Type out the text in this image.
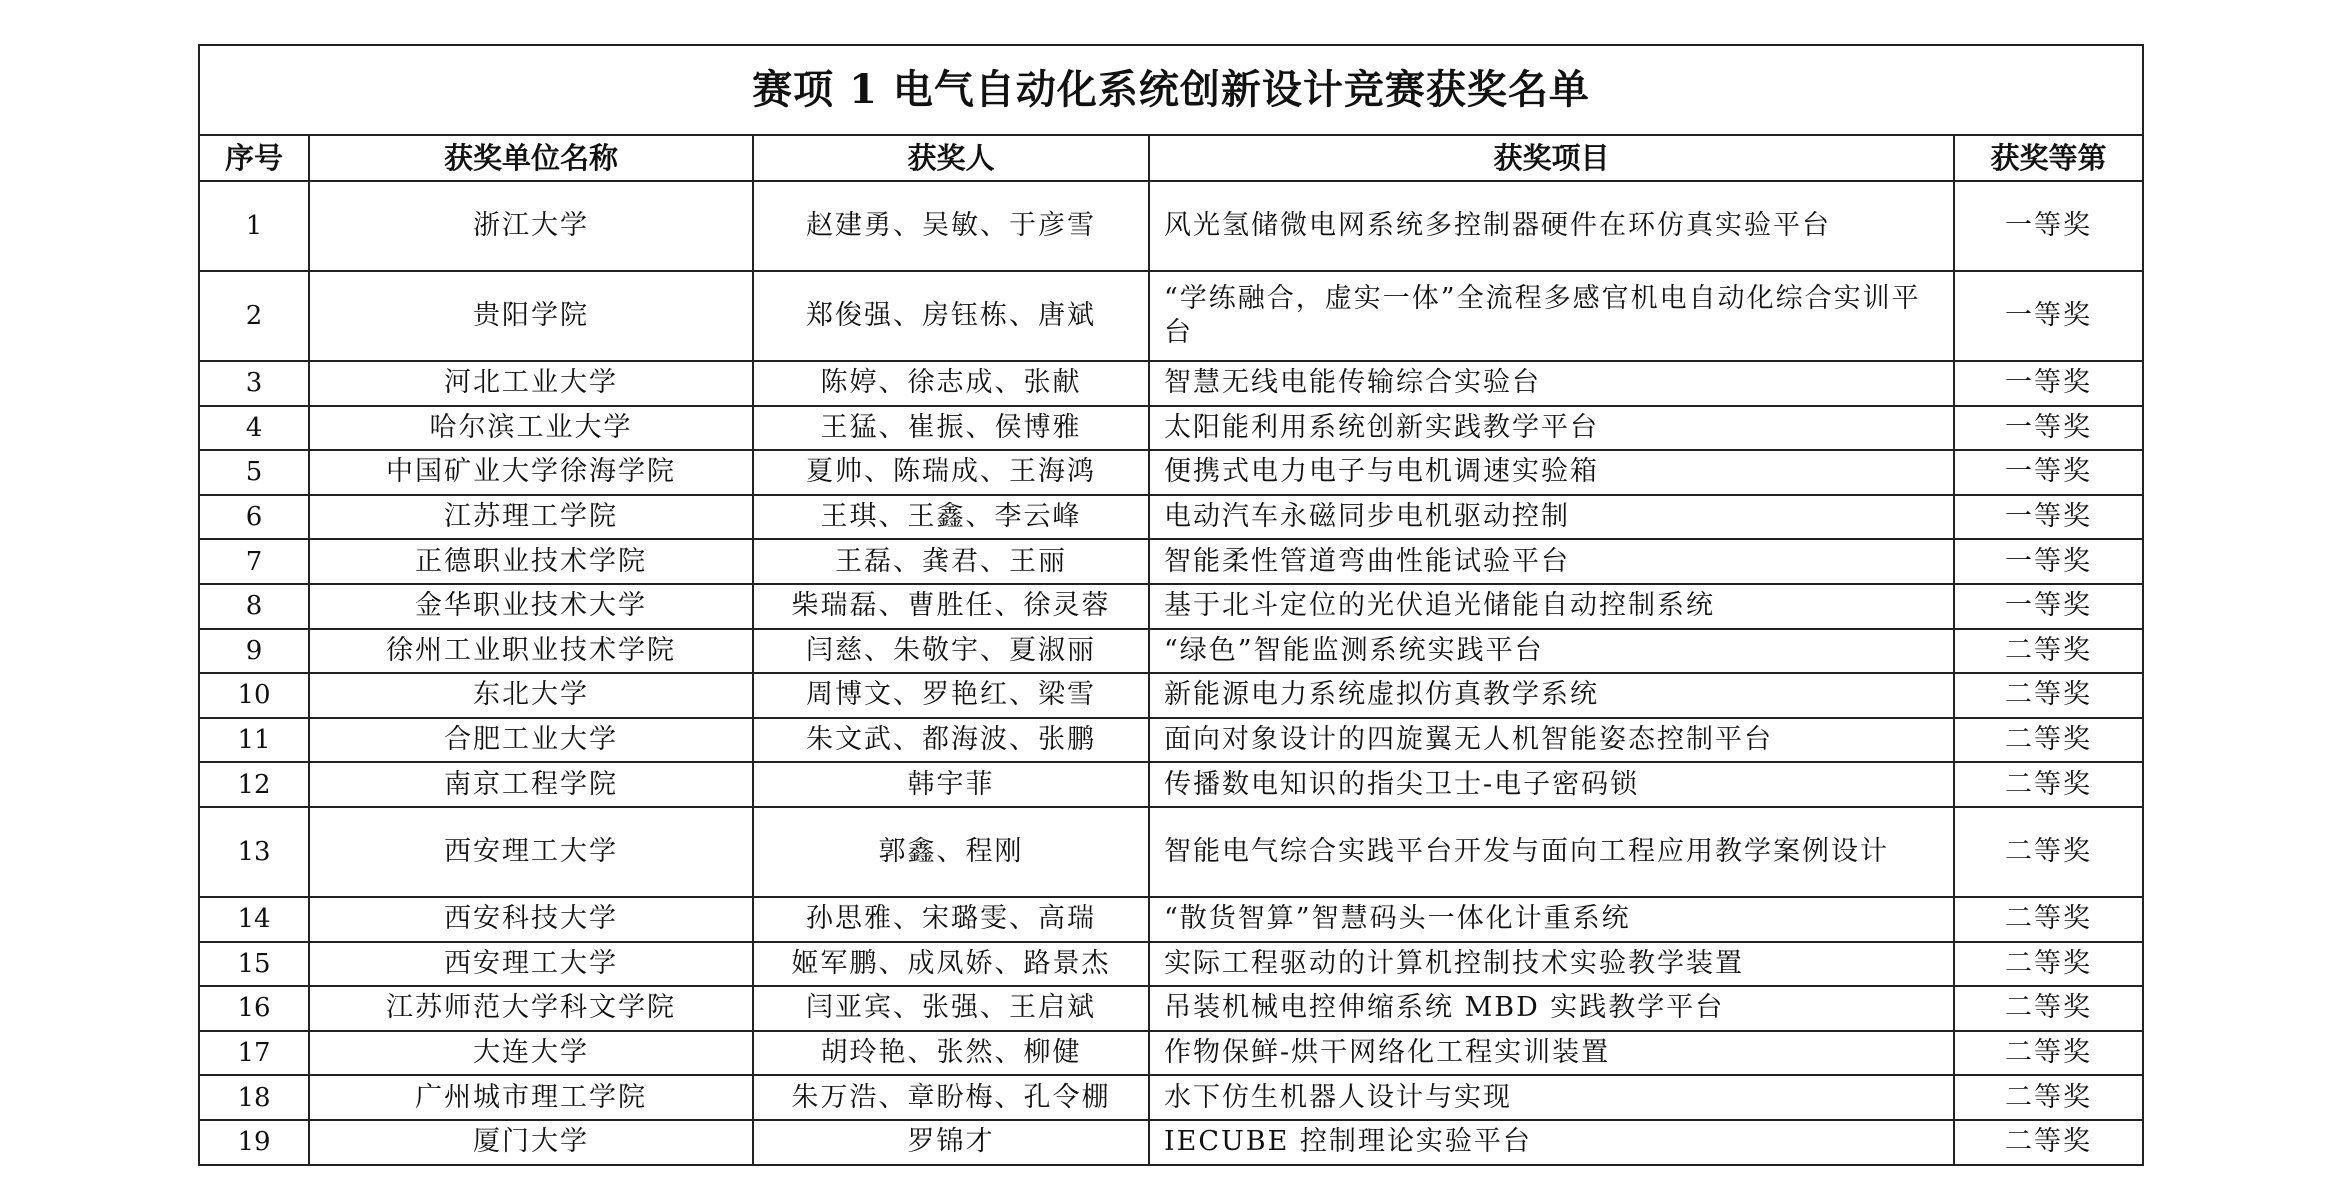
赛项 1 电气自动化系统创新设计竞赛获奖名单				
序号	获奖单位名称	获奖人	获奖项目	获奖等第
1	浙江大学	赵建勇、吴敏、于彦雪	风光氢储微电网系统多控制器硬件在环仿真实验平台	一等奖
2	贵阳学院	郑俊强、房钰栋、唐斌	“学练融合，虚实一体”全流程多感官机电自动化综合实训平台	一等奖
3	河北工业大学	陈婷、徐志成、张献	智慧无线电能传输综合实验台	一等奖
4	哈尔滨工业大学	王猛、崔振、侯博雅	太阳能利用系统创新实践教学平台	一等奖
5	中国矿业大学徐海学院	夏帅、陈瑞成、王海鸿	便携式电力电子与电机调速实验箱	一等奖
6	江苏理工学院	王琪、王鑫、李云峰	电动汽车永磁同步电机驱动控制	一等奖
7	正德职业技术学院	王磊、龚君、王丽	智能柔性管道弯曲性能试验平台	一等奖
8	金华职业技术大学	柴瑞磊、曹胜任、徐灵蓉	基于北斗定位的光伏追光储能自动控制系统	一等奖
9	徐州工业职业技术学院	闫慈、朱敬宇、夏淑丽	“绿色”智能监测系统实践平台	二等奖
10	东北大学	周博文、罗艳红、梁雪	新能源电力系统虚拟仿真教学系统	二等奖
11	合肥工业大学	朱文武、都海波、张鹏	面向对象设计的四旋翼无人机智能姿态控制平台	二等奖
12	南京工程学院	韩宇菲	传播数电知识的指尖卫士-电子密码锁	二等奖
13	西安理工大学	郭鑫、程刚	智能电气综合实践平台开发与面向工程应用教学案例设计	二等奖
14	西安科技大学	孙思雅、宋璐雯、高瑞	“散货智算”智慧码头一体化计重系统	二等奖
15	西安理工大学	姬军鹏、成凤娇、路景杰	实际工程驱动的计算机控制技术实验教学装置	二等奖
16	江苏师范大学科文学院	闫亚宾、张强、王启斌	吊装机械电控伸缩系统 MBD 实践教学平台	二等奖
17	大连大学	胡玲艳、张然、柳健	作物保鲜-烘干网络化工程实训装置	二等奖
18	广州城市理工学院	朱万浩、章盼梅、孔令棚	水下仿生机器人设计与实现	二等奖
19	厦门大学	罗锦才	IECUBE 控制理论实验平台	二等奖
